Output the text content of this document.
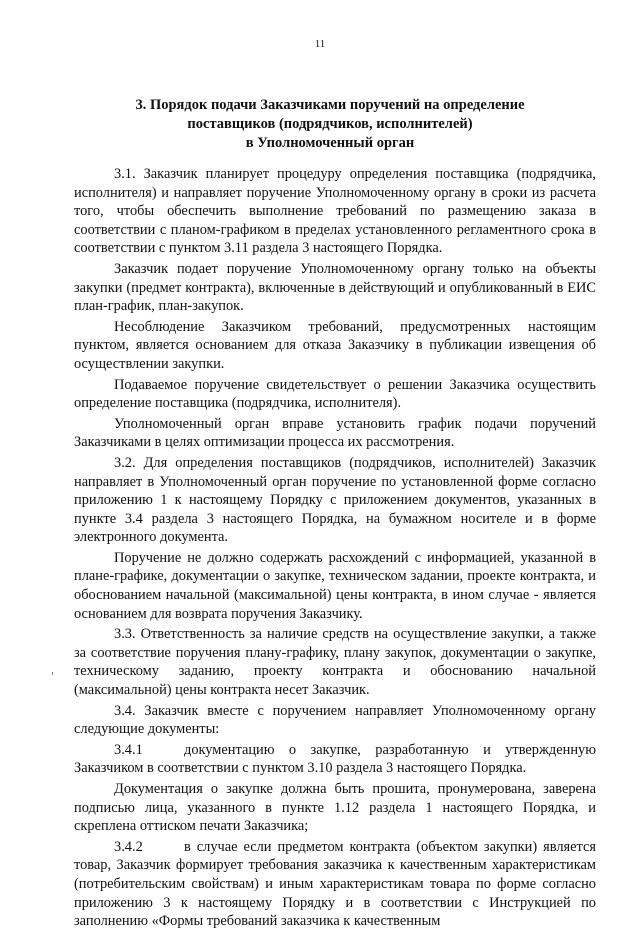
11
3. Порядок подачи Заказчиками поручений на определение
поставщиков (подрядчиков, исполнителей)
в Уполномоченный орган

3.1. Заказчик планирует процедуру определения поставщика (подрядчика, исполнителя) и направляет поручение Уполномоченному органу в сроки из расчета того, чтобы обеспечить выполнение требований по размещению заказа в соответствии с планом-графиком в пределах установленного регламентного срока в соответствии с пунктом 3.11 раздела 3 настоящего Порядка.

Заказчик подает поручение Уполномоченному органу только на объекты закупки (предмет контракта), включенные в действующий и опубликованный в ЕИС план-график, план-закупок.

Несоблюдение Заказчиком требований, предусмотренных настоящим пунктом, является основанием для отказа Заказчику в публикации извещения об осуществлении закупки.

Подаваемое поручение свидетельствует о решении Заказчика осуществить определение поставщика (подрядчика, исполнителя).

Уполномоченный орган вправе установить график подачи поручений Заказчиками в целях оптимизации процесса их рассмотрения.

3.2. Для определения поставщиков (подрядчиков, исполнителей) Заказчик направляет в Уполномоченный орган поручение по установленной форме согласно приложению 1 к настоящему Порядку с приложением документов, указанных в пункте 3.4 раздела 3 настоящего Порядка, на бумажном носителе и в форме электронного документа.

Поручение не должно содержать расхождений с информацией, указанной в плане-графике, документации о закупке, техническом задании, проекте контракта, и обоснованием начальной (максимальной) цены контракта, в ином случае - является основанием для возврата поручения Заказчику.

3.3. Ответственность за наличие средств на осуществление закупки, а также за соответствие поручения плану-графику, плану закупок, документации о закупке, техническому заданию, проекту контракта и обоснованию начальной (максимальной) цены контракта несет Заказчик.

3.4. Заказчик вместе с поручением направляет Уполномоченному органу следующие документы:

3.4.1	документацию о закупке, разработанную и утвержденную Заказчиком в соответствии с пунктом 3.10 раздела 3 настоящего Порядка.

Документация о закупке должна быть прошита, пронумерована, заверена подписью лица, указанного в пункте 1.12 раздела 1 настоящего Порядка, и скреплена оттиском печати Заказчика;

3.4.2	в случае если предметом контракта (объектом закупки) является товар, Заказчик формирует требования заказчика к качественным характеристикам (потребительским свойствам) и иным характеристикам товара по форме согласно приложению 3 к настоящему Порядку и в соответствии с Инструкцией по заполнению «Формы требований заказчика к качественным
